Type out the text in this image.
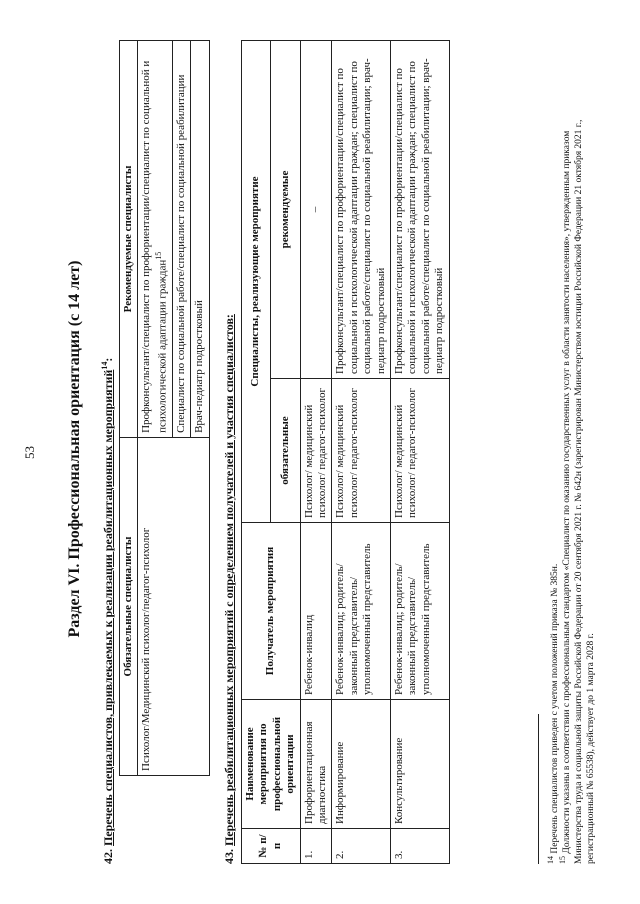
53 Раздел VI. Профессиональная ориентация (с 14 лет)
42. Перечень специалистов, привлекаемых к реализации реабилитационных мероприятий$^{14}$:
Обязательные специалисты	Рекомендуемые специалисты
Психолог/Медицинский психолог/педагог-психолог	Профконсультант/специалист по профориентации/специалист по социальной и психологической адаптации граждан$^{15}$
	Специалист по социальной работе/специалист по социальной реабилитации
	Врач-педиатр подростковый
43. Перечень реабилитационных мероприятий с определением получателей и участия специалистов:
№ п/п	Наименование мероприятия по профессиональной ориентации	Получатель мероприятия	Специалисты, реализующие мероприятие	
			обязательные	рекомендуемые
1.	Профориентационная диагностика	Ребенок-инвалид	Психолог/ медицинский психолог/ педагог-психолог	–
2.	Информирование	Ребенок-инвалид; родитель/ законный представитель/ уполномоченный представитель	Психолог/ медицинский психолог/ педагог-психолог	Профконсультант/специалист по профориентации/специалист по социальной и психологической адаптации граждан; специалист по социальной работе/специалист по социальной реабилитации; врач-педиатр подростковый
3.	Консультирование	Ребенок-инвалид; родитель/ законный представитель/ уполномоченный представитель	Психолог/ медицинский психолог/ педагог-психолог	Профконсультант/специалист по профориентации/специалист по социальной и психологической адаптации граждан; специалист по социальной работе/специалист по социальной реабилитации; врач-педиатр подростковый
$^{14}$ Перечень специалистов приведен с учетом положений приказа № 385н.
$^{15}$ Должности указаны в соответствии с профессиональным стандартом «Специалист по оказанию государственных услуг в области занятости населения», утвержденным приказом Министерства труда и социальной защиты Российской Федерации от 20 сентября 2021 г. № 642н (зарегистрирован Министерством юстиции Российской Федерации 21 октября 2021 г., регистрационный № 65538), действует до 1 марта 2028 г.
